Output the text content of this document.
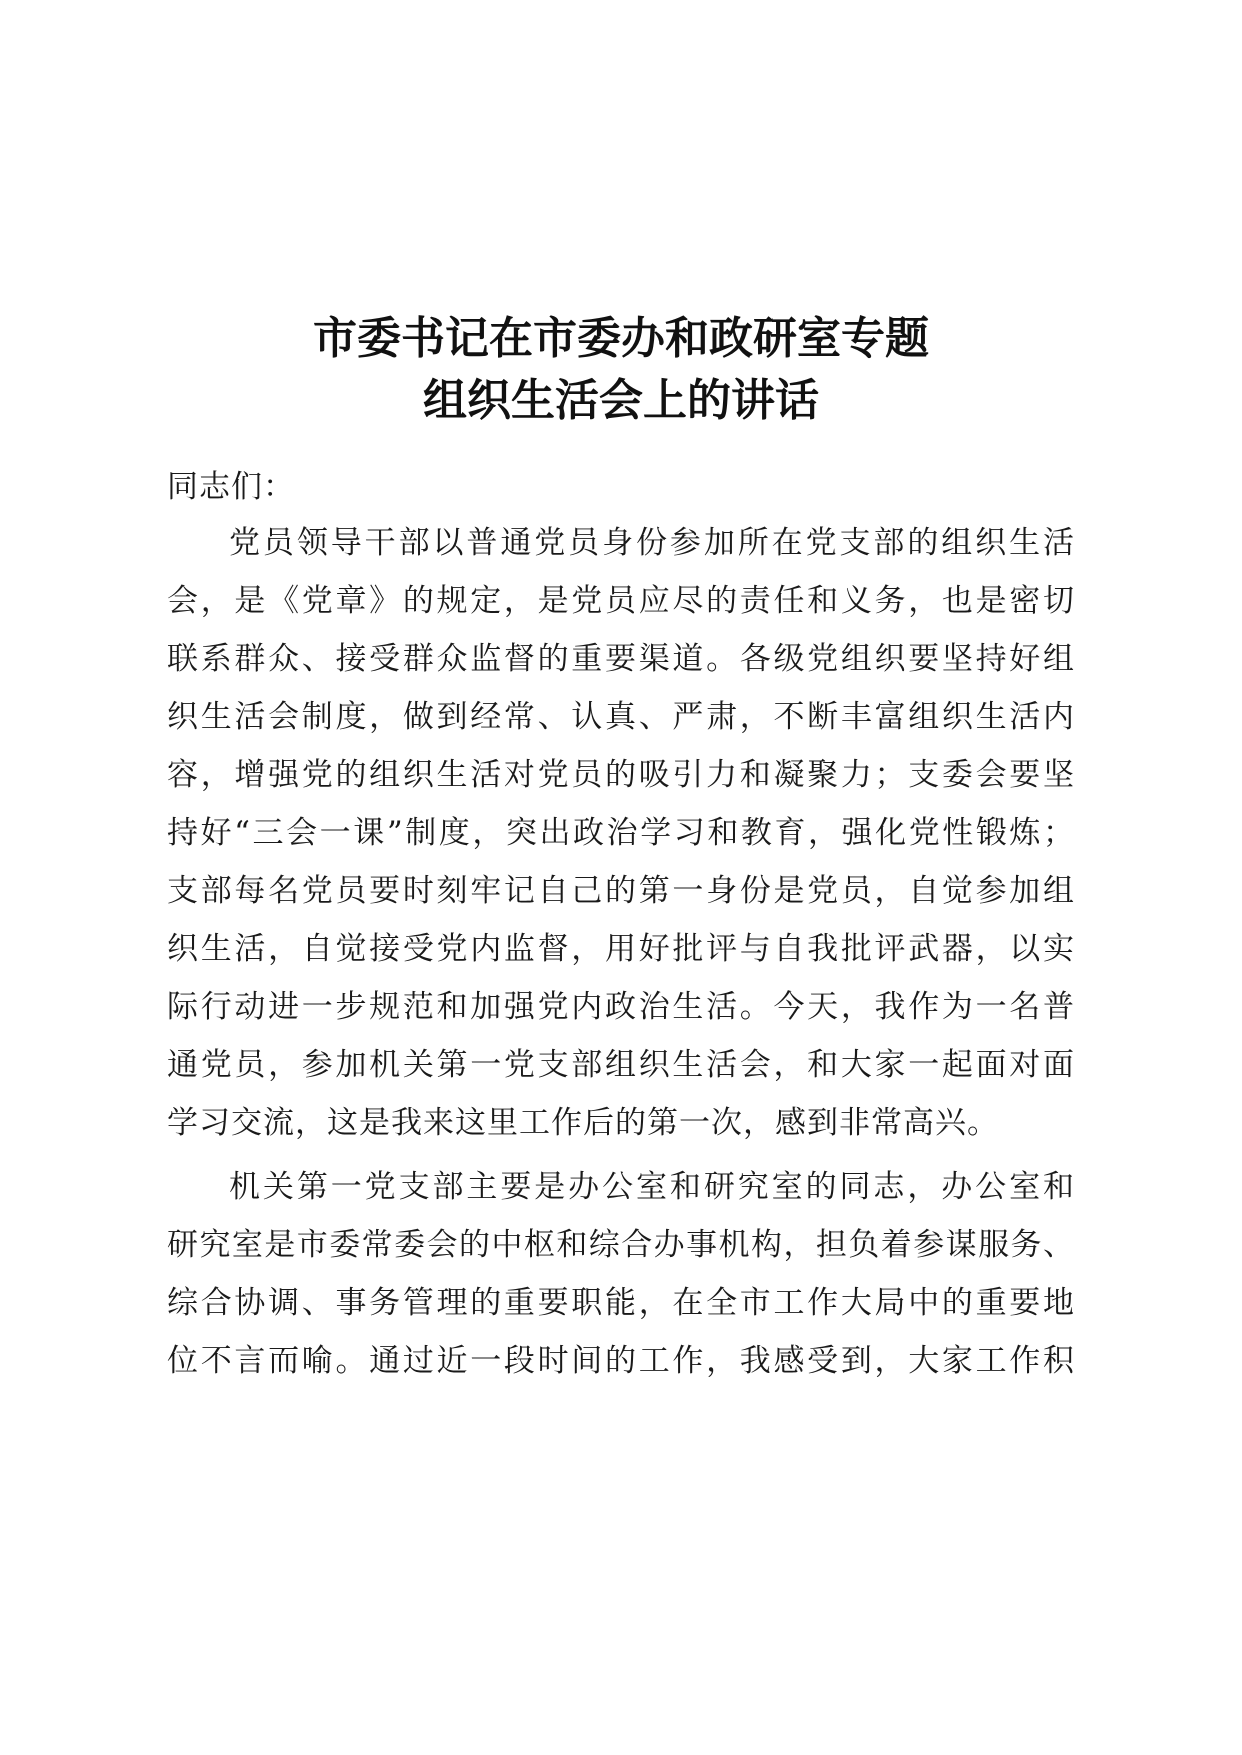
市委书记在市委办和政研室专题
组织生活会上的讲话
同志们：
党员领导干部以普通党员身份参加所在党支部的组织生活
会，是《党章》的规定，是党员应尽的责任和义务，也是密切
联系群众、接受群众监督的重要渠道。各级党组织要坚持好组
织生活会制度，做到经常、认真、严肃，不断丰富组织生活内
容，增强党的组织生活对党员的吸引力和凝聚力；支委会要坚
持好“三会一课”制度，突出政治学习和教育，强化党性锻炼；
支部每名党员要时刻牢记自己的第一身份是党员，自觉参加组
织生活，自觉接受党内监督，用好批评与自我批评武器，以实
际行动进一步规范和加强党内政治生活。今天，我作为一名普
通党员，参加机关第一党支部组织生活会，和大家一起面对面
学习交流，这是我来这里工作后的第一次，感到非常高兴。
机关第一党支部主要是办公室和研究室的同志，办公室和
研究室是市委常委会的中枢和综合办事机构，担负着参谋服务、
综合协调、事务管理的重要职能，在全市工作大局中的重要地
位不言而喻。通过近一段时间的工作，我感受到，大家工作积
